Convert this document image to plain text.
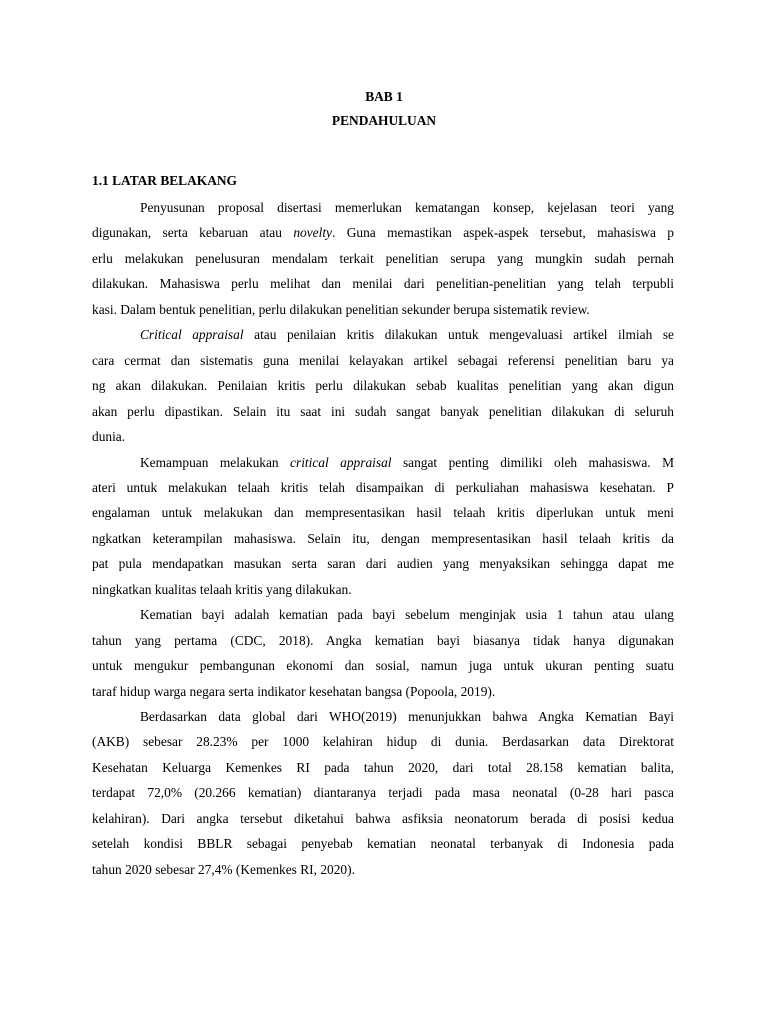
BAB 1
PENDAHULUAN
1.1 LATAR BELAKANG
Penyusunan proposal disertasi memerlukan kematangan konsep, kejelasan teori yang
digunakan, serta kebaruan atau novelty. Guna memastikan aspek-aspek tersebut, mahasiswa p
erlu melakukan penelusuran mendalam terkait penelitian serupa yang mungkin sudah pernah
dilakukan. Mahasiswa perlu melihat dan menilai dari penelitian-penelitian yang telah terpubli
kasi. Dalam bentuk penelitian, perlu dilakukan penelitian sekunder berupa sistematik review.
Critical appraisal atau penilaian kritis dilakukan untuk mengevaluasi artikel ilmiah se
cara cermat dan sistematis guna menilai kelayakan artikel sebagai referensi penelitian baru ya
ng akan dilakukan. Penilaian kritis perlu dilakukan sebab kualitas penelitian yang akan digun
akan perlu dipastikan. Selain itu saat ini sudah sangat banyak penelitian dilakukan di seluruh
dunia.
Kemampuan melakukan critical appraisal sangat penting dimiliki oleh mahasiswa. M
ateri untuk melakukan telaah kritis telah disampaikan di perkuliahan mahasiswa kesehatan. P
engalaman untuk melakukan dan mempresentasikan hasil telaah kritis diperlukan untuk meni
ngkatkan keterampilan mahasiswa. Selain itu, dengan mempresentasikan hasil telaah kritis da
pat pula mendapatkan masukan serta saran dari audien yang menyaksikan sehingga dapat me
ningkatkan kualitas telaah kritis yang dilakukan.
Kematian bayi adalah kematian pada bayi sebelum menginjak usia 1 tahun atau ulang
tahun yang pertama (CDC, 2018). Angka kematian bayi biasanya tidak hanya digunakan
untuk mengukur pembangunan ekonomi dan sosial, namun juga untuk ukuran penting suatu
taraf hidup warga negara serta indikator kesehatan bangsa (Popoola, 2019).
Berdasarkan data global dari WHO(2019) menunjukkan bahwa Angka Kematian Bayi
(AKB) sebesar 28.23% per 1000 kelahiran hidup di dunia. Berdasarkan data Direktorat
Kesehatan Keluarga Kemenkes RI pada tahun 2020, dari total 28.158 kematian balita,
terdapat 72,0% (20.266 kematian) diantaranya terjadi pada masa neonatal (0-28 hari pasca
kelahiran). Dari angka tersebut diketahui bahwa asfiksia neonatorum berada di posisi kedua
setelah kondisi BBLR sebagai penyebab kematian neonatal terbanyak di Indonesia pada
tahun 2020 sebesar 27,4% (Kemenkes RI, 2020).
